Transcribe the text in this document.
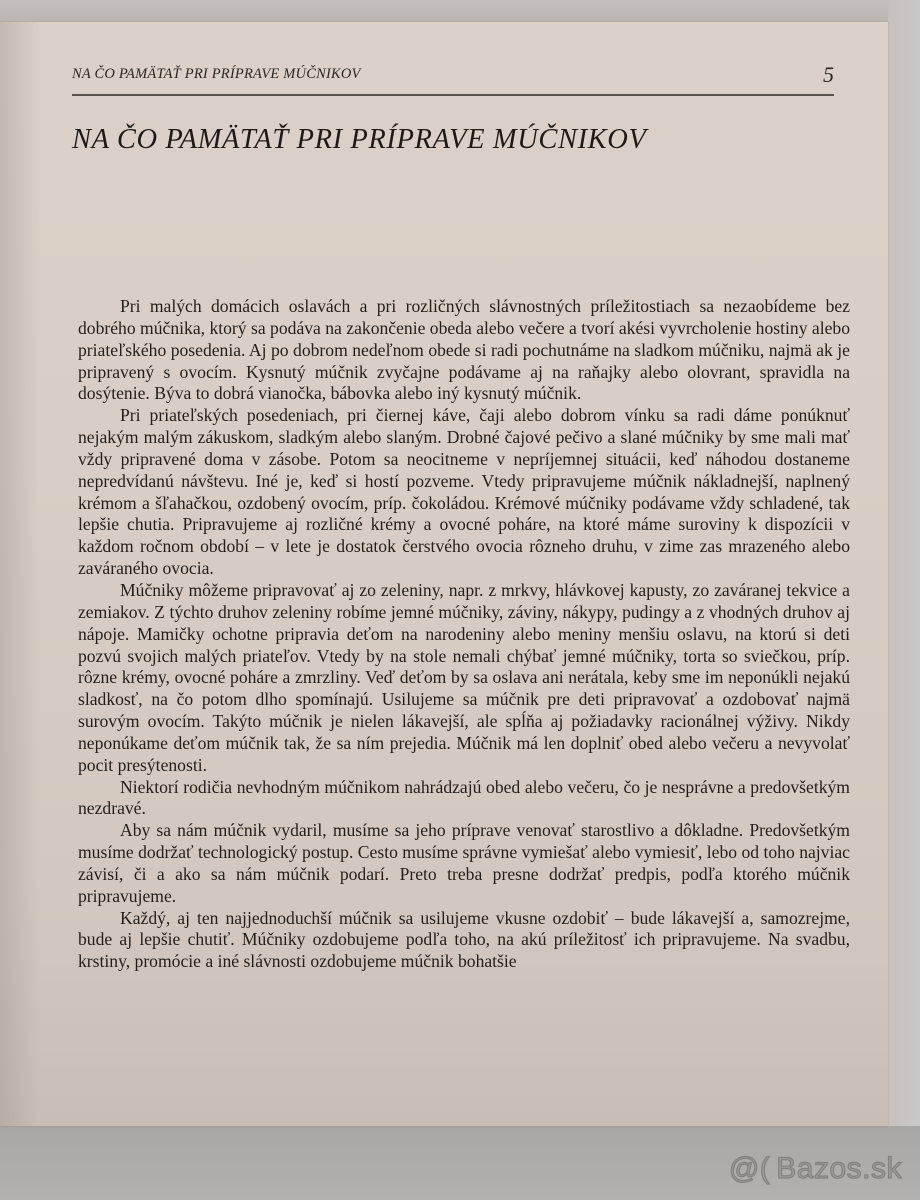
NA ČO PAMÄTAŤ PRI PRÍPRAVE MÚČNIKOV	5
NA ČO PAMÄTAŤ PRI PRÍPRAVE MÚČNIKOV

Pri malých domácich oslavách a pri rozličných slávnostných príležitostiach sa nezaobídeme bez dobrého múčnika, ktorý sa podáva na zakončenie obeda alebo večere a tvorí akési vyvrcholenie hostiny alebo priateľského posedenia. Aj po dobrom nedeľnom obede si radi pochutnáme na sladkom múčniku, najmä ak je pripravený s ovocím. Kysnutý múčnik zvyčajne podávame aj na raňajky alebo olovrant, spravidla na dosýtenie. Býva to dobrá vianočka, bábovka alebo iný kysnutý múčnik.

Pri priateľských posedeniach, pri čiernej káve, čaji alebo dobrom vínku sa radi dáme ponúknuť nejakým malým zákuskom, sladkým alebo slaným. Drobné čajové pečivo a slané múčniky by sme mali mať vždy pripravené doma v zásobe. Potom sa neocitneme v nepríjemnej situácii, keď náhodou dostaneme nepredvídanú návštevu. Iné je, keď si hostí pozveme. Vtedy pripravujeme múčnik nákladnejší, naplnený krémom a šľahačkou, ozdobený ovocím, príp. čokoládou. Krémové múčniky podávame vždy schladené, tak lepšie chutia. Pripravujeme aj rozličné krémy a ovocné poháre, na ktoré máme suroviny k dispozícii v každom ročnom období – v lete je dostatok čerstvého ovocia rôzneho druhu, v zime zas mrazeného alebo zaváraného ovocia.

Múčniky môžeme pripravovať aj zo zeleniny, napr. z mrkvy, hlávkovej kapusty, zo zaváranej tekvice a zemiakov. Z týchto druhov zeleniny robíme jemné múčniky, záviny, nákypy, pudingy a z vhodných druhov aj nápoje. Mamičky ochotne pripravia deťom na narodeniny alebo meniny menšiu oslavu, na ktorú si deti pozvú svojich malých priateľov. Vtedy by na stole nemali chýbať jemné múčniky, torta so sviečkou, príp. rôzne krémy, ovocné poháre a zmrzliny. Veď deťom by sa oslava ani nerátala, keby sme im neponúkli nejakú sladkosť, na čo potom dlho spomínajú. Usilujeme sa múčnik pre deti pripravovať a ozdobovať najmä surovým ovocím. Takýto múčnik je nielen lákavejší, ale spĺňa aj požiadavky racionálnej výživy. Nikdy neponúkame deťom múčnik tak, že sa ním prejedia. Múčnik má len doplniť obed alebo večeru a nevyvolať pocit presýtenosti.

Niektorí rodičia nevhodným múčnikom nahrádzajú obed alebo večeru, čo je nesprávne a predovšetkým nezdravé.

Aby sa nám múčnik vydaril, musíme sa jeho príprave venovať starostlivo a dôkladne. Predovšetkým musíme dodržať technologický postup. Cesto musíme správne vymiešať alebo vymiesiť, lebo od toho najviac závisí, či a ako sa nám múčnik podarí. Preto treba presne dodržať predpis, podľa ktorého múčnik pripravujeme.

Každý, aj ten najjednoduchší múčnik sa usilujeme vkusne ozdobiť – bude lákavejší a, samozrejme, bude aj lepšie chutiť. Múčniky ozdobujeme podľa toho, na akú príležitosť ich pripravujeme. Na svadbu, krstiny, promócie a iné slávnosti ozdobujeme múčnik bohatšie

@( Bazos.sk
